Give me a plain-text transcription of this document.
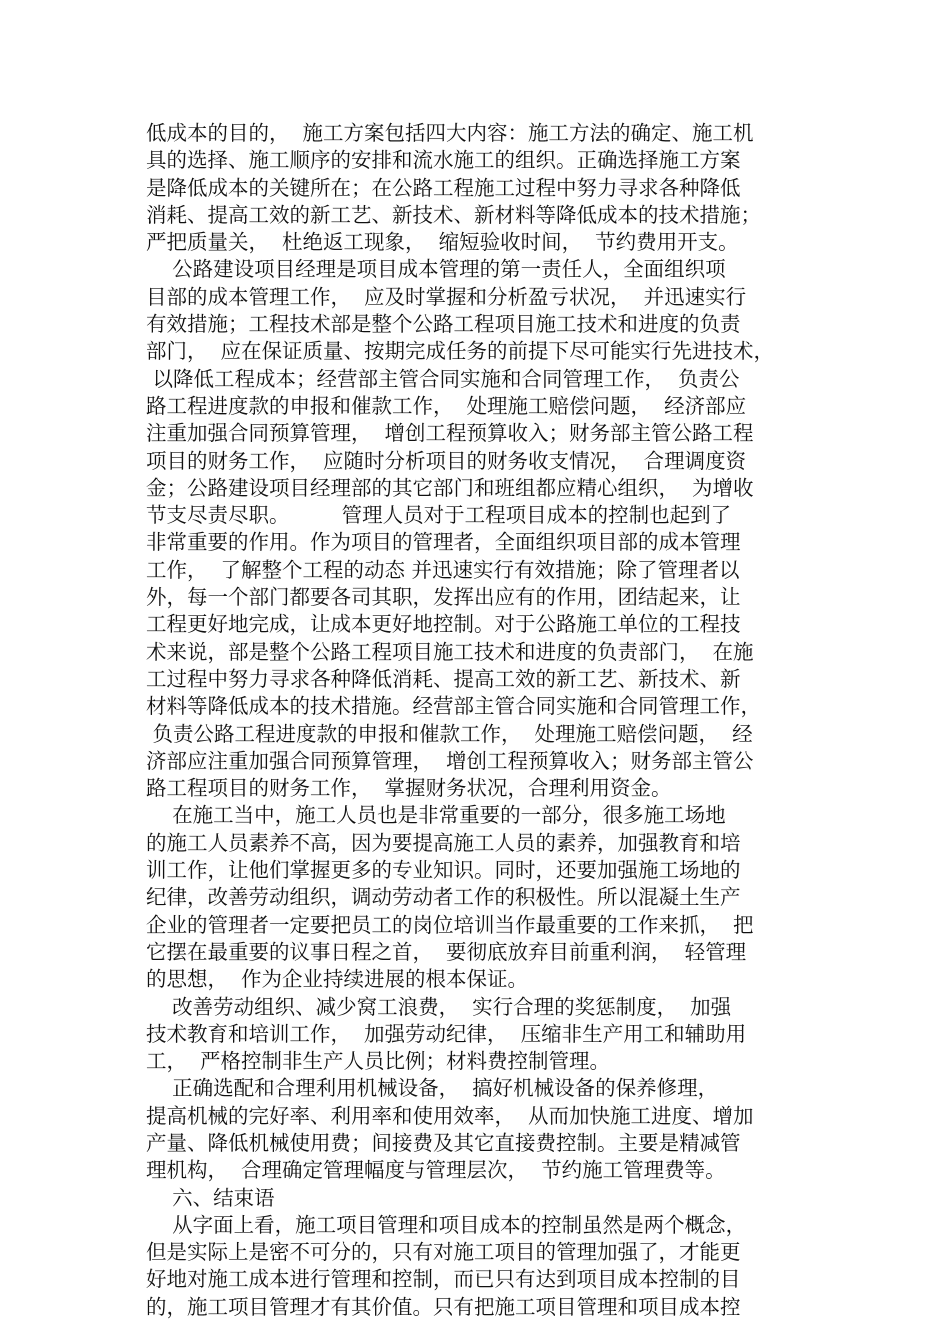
低成本的目的，  施工方案包括四大内容：施工方法的确定、施工机
具的选择、施工顺序的安排和流水施工的组织。正确选择施工方案
是降低成本的关键所在；在公路工程施工过程中努力寻求各种降低
消耗、提高工效的新工艺、新技术、新材料等降低成本的技术措施；
严把质量关，  杜绝返工现象，  缩短验收时间，  节约费用开支。
公路建设项目经理是项目成本管理的第一责任人，全面组织项
目部的成本管理工作，  应及时掌握和分析盈亏状况，  并迅速实行
有效措施；工程技术部是整个公路工程项目施工技术和进度的负责
部门，  应在保证质量、按期完成任务的前提下尽可能实行先进技术，
以降低工程成本；经营部主管合同实施和合同管理工作，  负责公
路工程进度款的申报和催款工作，  处理施工赔偿问题，  经济部应
注重加强合同预算管理，  增创工程预算收入；财务部主管公路工程
项目的财务工作，  应随时分析项目的财务收支情况，  合理调度资
金；公路建设项目经理部的其它部门和班组都应精心组织，  为增收
节支尽责尽职。        管理人员对于工程项目成本的控制也起到了
非常重要的作用。作为项目的管理者，全面组织项目部的成本管理
工作，  了解整个工程的动态 并迅速实行有效措施；除了管理者以
外，每一个部门都要各司其职，发挥出应有的作用，团结起来，让
工程更好地完成，让成本更好地控制。对于公路施工单位的工程技
术来说，部是整个公路工程项目施工技术和进度的负责部门，  在施
工过程中努力寻求各种降低消耗、提高工效的新工艺、新技术、新
材料等降低成本的技术措施。经营部主管合同实施和合同管理工作，
负责公路工程进度款的申报和催款工作，  处理施工赔偿问题，  经
济部应注重加强合同预算管理，  增创工程预算收入；财务部主管公
路工程项目的财务工作，  掌握财务状况，合理利用资金。
在施工当中，施工人员也是非常重要的一部分，很多施工场地
的施工人员素养不高，因为要提高施工人员的素养，加强教育和培
训工作，让他们掌握更多的专业知识。同时，还要加强施工场地的
纪律，改善劳动组织，调动劳动者工作的积极性。所以混凝土生产
企业的管理者一定要把员工的岗位培训当作最重要的工作来抓，  把
它摆在最重要的议事日程之首，  要彻底放弃目前重利润，  轻管理
的思想，  作为企业持续进展的根本保证。
改善劳动组织、减少窝工浪费，  实行合理的奖惩制度，  加强
技术教育和培训工作，  加强劳动纪律，  压缩非生产用工和辅助用
工，  严格控制非生产人员比例；材料费控制管理。
正确选配和合理利用机械设备，  搞好机械设备的保养修理，
提高机械的完好率、利用率和使用效率，  从而加快施工进度、增加
产量、降低机械使用费；间接费及其它直接费控制。主要是精减管
理机构，  合理确定管理幅度与管理层次，  节约施工管理费等。
六、结束语
从字面上看，施工项目管理和项目成本的控制虽然是两个概念，
但是实际上是密不可分的，只有对施工项目的管理加强了，才能更
好地对施工成本进行管理和控制，而已只有达到项目成本控制的目
的，施工项目管理才有其价值。只有把施工项目管理和项目成本控
